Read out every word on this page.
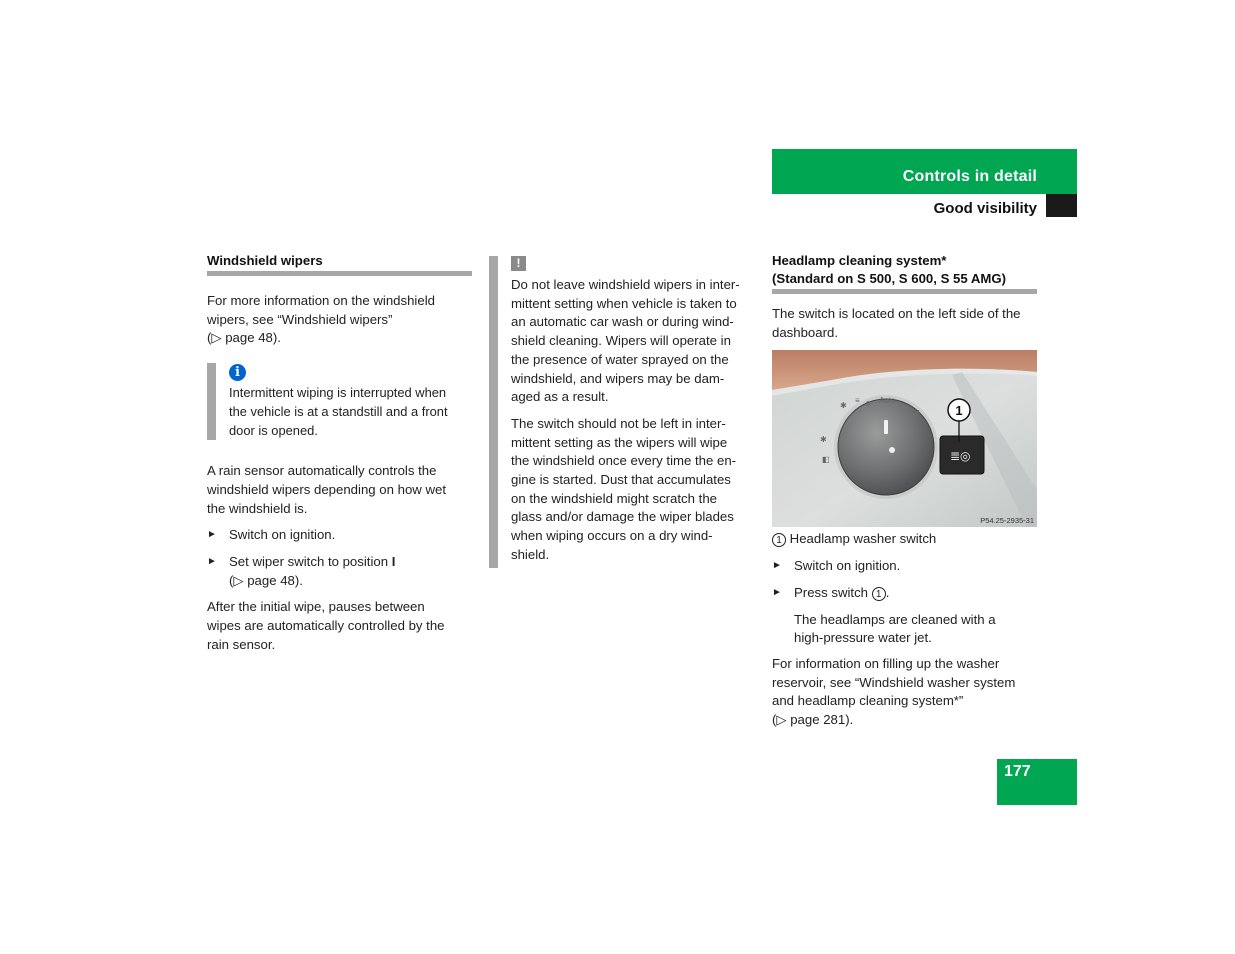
Controls in detail
Good visibility
Windshield wipers

For more information on the windshield

wipers, see “Windshield wipers”

(▷ page 48).

i

Intermittent wiping is interrupted when

the vehicle is at a standstill and a front

door is opened.

A rain sensor automatically controls the

windshield wipers depending on how wet

the windshield is.

► Switch on ignition.

► Set wiper switch to position I

(▷ page 48).

After the initial wipe, pauses between

wipes are automatically controlled by the

rain sensor.

!

Do not leave windshield wipers in inter-

mittent setting when vehicle is taken to

an automatic car wash or during wind-

shield cleaning. Wipers will operate in

the presence of water sprayed on the

windshield, and wipers may be dam-

aged as a result.

The switch should not be left in inter-

mittent setting as the wipers will wipe

the windshield once every time the en-

gine is started. Dust that accumulates

on the windshield might scratch the

glass and/or damage the wiper blades

when wiping occurs on a dry wind-

shield.

Headlamp cleaning system*

(Standard on S 500, S 600, S 55 AMG)

The switch is located on the left side of the

dashboard.

✱
≡ 0 Auto
≡◐
✱
◧	≣◎
1
P54.25-2935-31

1 Headlamp washer switch

► Switch on ignition.

► Press switch 1 .

The headlamps are cleaned with a

high-pressure water jet.

For information on filling up the washer

reservoir, see “Windshield washer system

and headlamp cleaning system*”

(▷ page 281).

177
